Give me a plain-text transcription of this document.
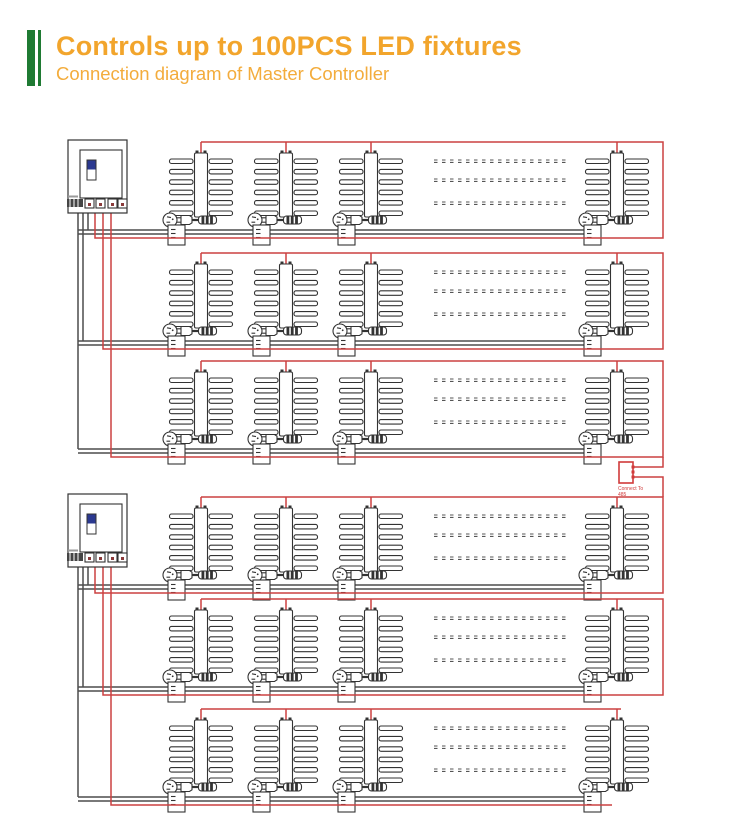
Controls up to 100PCS LED fixtures
Connection diagram of Master Controller
Connect To
485
